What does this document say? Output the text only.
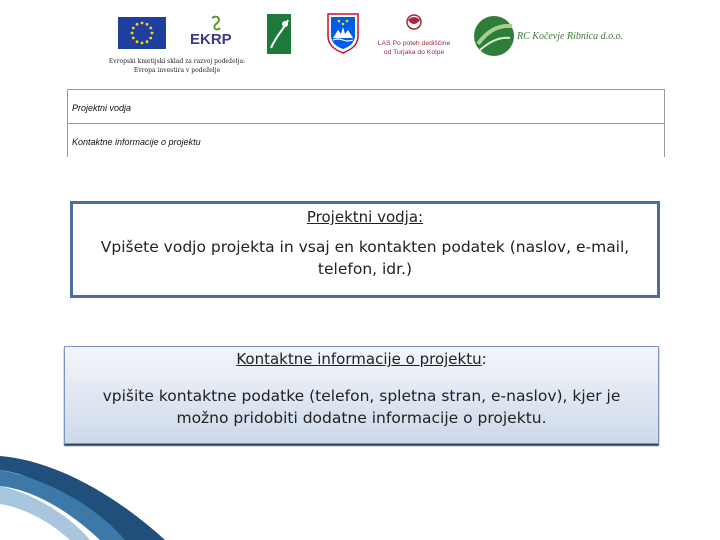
EKRP	LAS Po poteh dediščine
od Turjaka do Kolpe
RC Kočevje Ribnica d.o.o.
Evropski kmetijski sklad za razvoj podeželja:
Evropa investira v podeželje
Projektni vodja
Kontaktne informacije o projektu
Projektni vodja:
Vpišete vodjo projekta in vsaj en kontakten podatek (naslov, e-mail, telefon, idr.)
Kontaktne informacije o projektu:
vpišite kontaktne podatke (telefon, spletna stran, e-naslov), kjer je možno pridobiti dodatne informacije o projektu.
